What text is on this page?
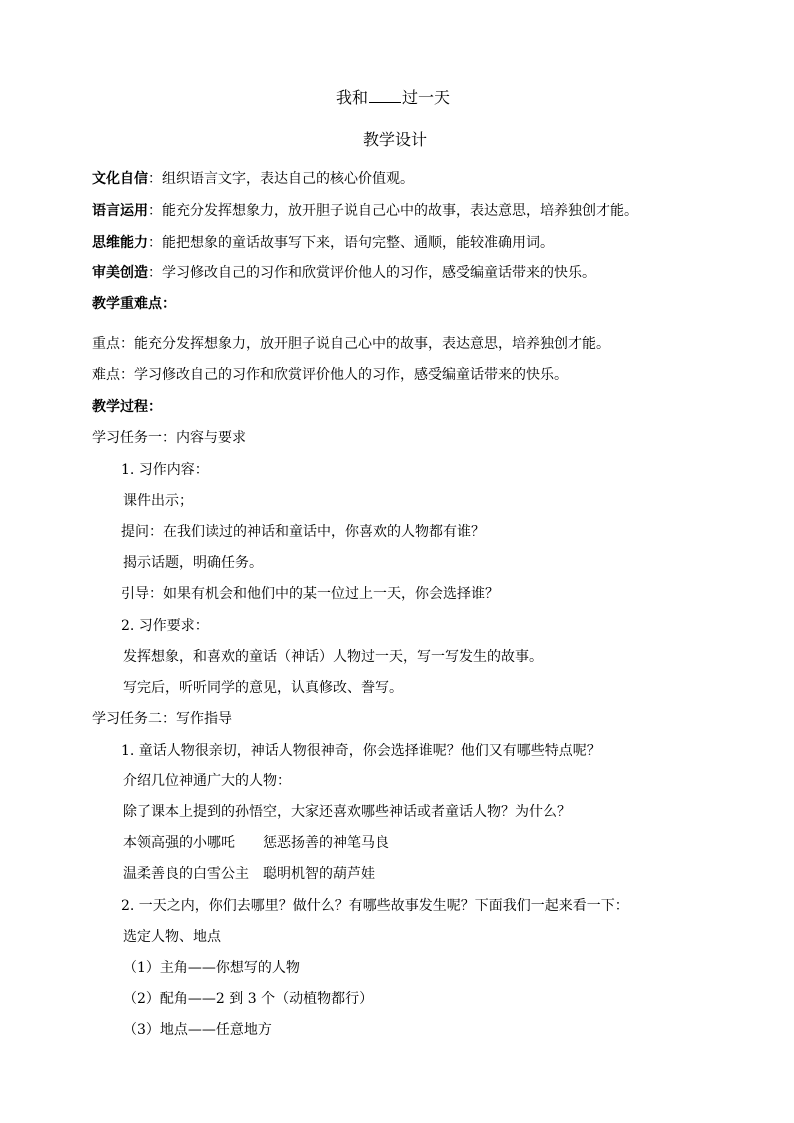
我和 过一天
教学设计
文化自信：组织语言文字，表达自己的核心价值观。
语言运用：能充分发挥想象力，放开胆子说自己心中的故事，表达意思，培养独创才能。
思维能力：能把想象的童话故事写下来，语句完整、通顺，能较准确用词。
审美创造：学习修改自己的习作和欣赏评价他人的习作，感受编童话带来的快乐。
教学重难点：
重点：能充分发挥想象力，放开胆子说自己心中的故事，表达意思，培养独创才能。
难点：学习修改自己的习作和欣赏评价他人的习作，感受编童话带来的快乐。
教学过程：
学习任务一：内容与要求
1. 习作内容：
课件出示；
提问：在我们读过的神话和童话中，你喜欢的人物都有谁？
揭示话题，明确任务。
引导：如果有机会和他们中的某一位过上一天，你会选择谁？
2. 习作要求：
发挥想象，和喜欢的童话（神话）人物过一天，写一写发生的故事。
写完后，听听同学的意见，认真修改、誊写。
学习任务二：写作指导
1. 童话人物很亲切，神话人物很神奇，你会选择谁呢？他们又有哪些特点呢？
介绍几位神通广大的人物：
除了课本上提到的孙悟空，大家还喜欢哪些神话或者童话人物？为什么？
本领高强的小哪吒　　惩恶扬善的神笔马良
温柔善良的白雪公主　聪明机智的葫芦娃
2. 一天之内，你们去哪里？做什么？有哪些故事发生呢？下面我们一起来看一下：
选定人物、地点
（1）主角——你想写的人物
（2）配角——2 到 3 个（动植物都行）
（3）地点——任意地方
